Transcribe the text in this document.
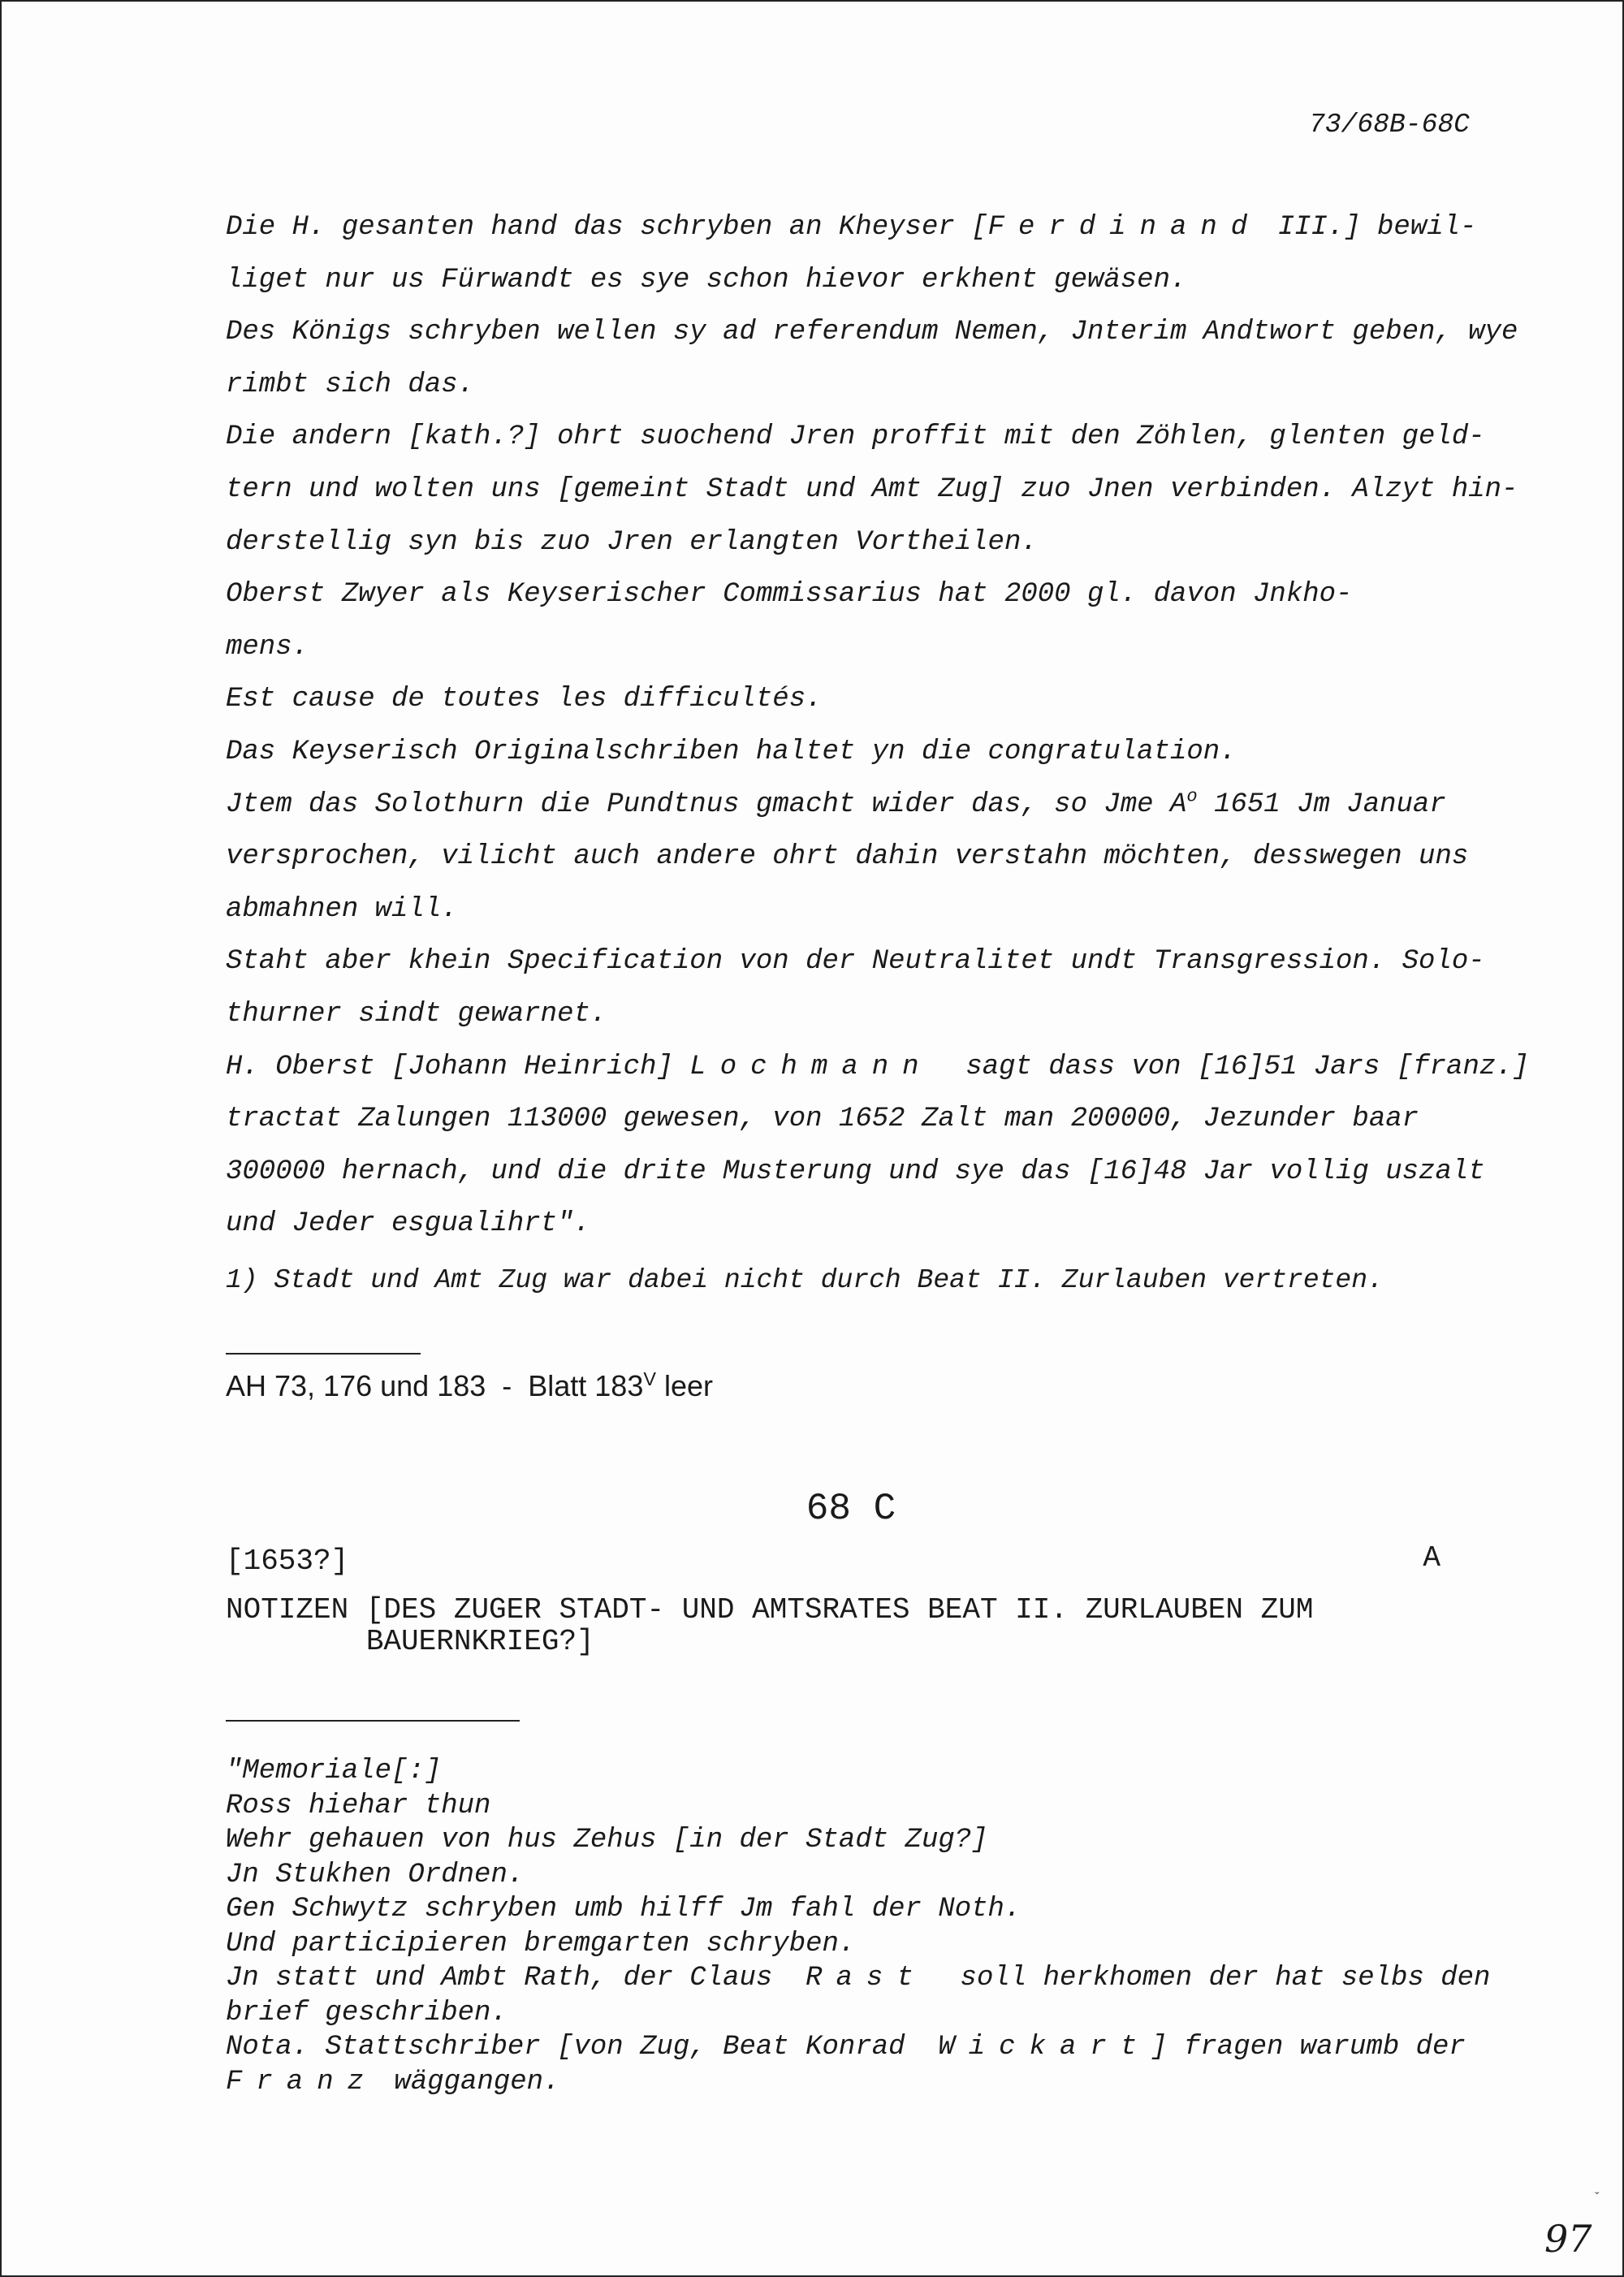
73/68B-68C
Die H. gesanten hand das schryben an Kheyser [Ferdinand III.] bewil-
liget nur us Fürwandt es sye schon hievor erkhent gewäsen.
Des Königs schryben wellen sy ad referendum Nemen, Jnterim Andtwort geben, wye
rimbt sich das.
Die andern [kath.?] ohrt suochend Jren proffit mit den Zöhlen, glenten geld-
tern und wolten uns [gemeint Stadt und Amt Zug] zuo Jnen verbinden. Alzyt hin-
derstellig syn bis zuo Jren erlangten Vortheilen.
Oberst Zwyer als Keyserischer Commissarius hat 2000 gl. davon Jnkho-
mens.
Est cause de toutes les difficultés.
Das Keyserisch Originalschriben haltet yn die congratulation.
Jtem das Solothurn die Pundtnus gmacht wider das, so Jme $A^o$ 1651 Jm Januar
versprochen, vilicht auch andere ohrt dahin verstahn möchten, desswegen uns
abmahnen will.
Staht aber khein Specification von der Neutralitet undt Transgression. Solo-
thurner sindt gewarnet.
H. Oberst [Johann Heinrich] Lochmann  sagt dass von [16]51 Jars [franz.]
tractat Zalungen 113000 gewesen, von 1652 Zalt man 200000, Jezunder baar
300000 hernach, und die drite Musterung und sye das [16]48 Jar vollig uszalt
und Jeder esgualihrt".
1) Stadt und Amt Zug war dabei nicht durch Beat II. Zurlauben vertreten.
AH 73, 176 und 183  -  Blatt $183^V$ leer
68 C
[1653?]	A
NOTIZEN [DES ZUGER STADT- UND AMTSRATES BEAT II. ZURLAUBEN ZUM
BAUERNKRIEG?]
"Memoriale[:]
Ross hiehar thun
Wehr gehauen von hus Zehus [in der Stadt Zug?]
Jn Stukhen Ordnen.
Gen Schwytz schryben umb hilff Jm fahl der Noth.
Und participieren bremgarten schryben.
Jn statt und Ambt Rath, der Claus  Rast  soll herkhomen der hat selbs den
brief geschriben.
Nota. Stattschriber [von Zug, Beat Konrad  Wickart] fragen warumb der
Franz wäggangen.
ˇ
97
